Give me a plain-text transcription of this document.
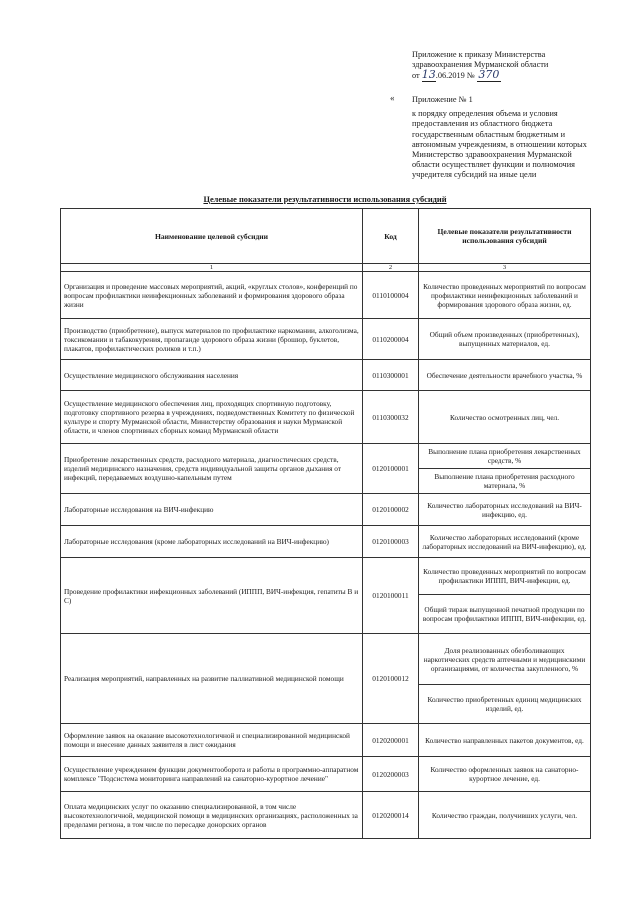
Приложение к приказу Министерства
здравоохранения Мурманской области
от 13.06.2019 № 370
« Приложение № 1
к порядку определения объема и условия предоставления из областного бюджета государственным областным бюджетным и автономным учреждениям, в отношении которых Министерство здравоохранения Мурманской области осуществляет функции и полномочия учредителя субсидий на иные цели
Целевые показатели результативности использования субсидий
Наименование целевой субсидии	Код	Целевые показатели результативности использования субсидий
1	2	3
Организация и проведение массовых мероприятий, акций, «круглых столов», конференций по вопросам профилактики неинфекционных заболеваний и формирования здорового образа жизни	0110100004	Количество проведенных мероприятий по вопросам профилактики неинфекционных заболеваний и формирования здорового образа жизни, ед.
Производство (приобретение), выпуск материалов по профилактике наркомании, алкоголизма, токсикомании и табакокурения, пропаганде здорового образа жизни (брошюр, буклетов, плакатов, профилактических роликов и т.п.)	0110200004	Общий объем произведенных (приобретенных), выпущенных материалов, ед.
Осуществление медицинского обслуживания населения	0110300001	Обеспечение деятельности врачебного участка, %
Осуществление медицинского обеспечения лиц, проходящих спортивную подготовку, подготовку спортивного резерва в учреждениях, подведомственных Комитету по физической культуре и спорту Мурманской области, Министерству образования и науки Мурманской области, и членов спортивных сборных команд Мурманской области	0110300032	Количество осмотренных лиц, чел.
Приобретение лекарственных средств, расходного материала, диагностических средств, изделий медицинского назначения, средств индивидуальной защиты органов дыхания от инфекций, передаваемых воздушно-капельным путем	0120100001	Выполнение плана приобретения лекарственных средств, %
		Выполнение плана приобретения расходного материала, %
Лабораторные исследования на ВИЧ-инфекцию	0120100002	Количество лабораторных исследований на ВИЧ-инфекцию, ед.
Лабораторные исследования (кроме лабораторных исследований на ВИЧ-инфекцию)	0120100003	Количество лабораторных исследований (кроме лабораторных исследований на ВИЧ-инфекцию), ед.
Проведение профилактики инфекционных заболеваний (ИППП, ВИЧ-инфекция, гепатиты В и С)	0120100011	Количество проведенных мероприятий по вопросам профилактики ИППП, ВИЧ-инфекции, ед.
		Общий тираж выпущенной печатной продукции по вопросам профилактики ИППП, ВИЧ-инфекции, ед.
Реализация мероприятий, направленных на развитие паллиативной медицинской помощи	0120100012	Доля реализованных обезболивающих наркотических средств аптечными и медицинскими организациями, от количества закупленного, %
		Количество приобретенных единиц медицинских изделий, ед.
Оформление заявок на оказание высокотехнологичной и специализированной медицинской помощи и внесение данных заявителя в лист ожидания	0120200001	Количество направленных пакетов документов, ед.
Осуществление учреждением функции документооборота и работы в программно-аппаратном комплексе "Подсистема мониторинга направлений на санаторно-курортное лечение"	0120200003	Количество оформленных заявок на санаторно-курортное лечение, ед.
Оплата медицинских услуг по оказанию специализированной, в том числе высокотехнологичной, медицинской помощи в медицинских организациях, расположенных за пределами региона, в том числе по пересадке донорских органов	0120200014	Количество граждан, получивших услуги, чел.
